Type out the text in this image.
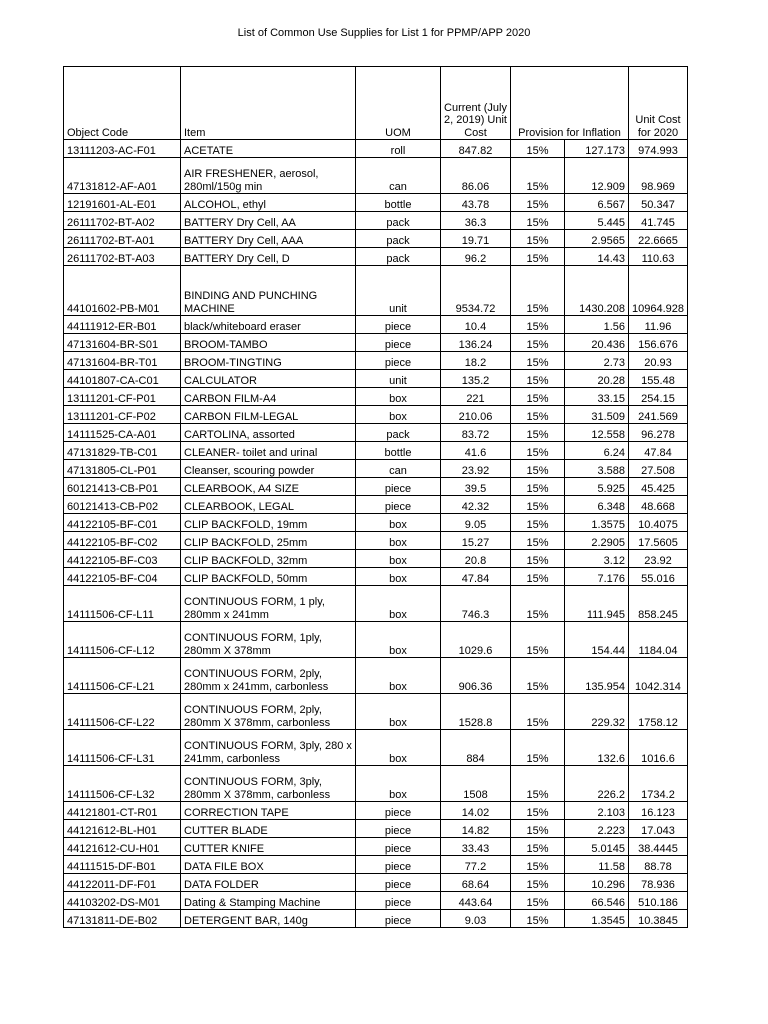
List of Common Use Supplies for List 1 for PPMP/APP 2020
Object Code	Item	UOM	Current (July 2, 2019) Unit Cost	Provision for Inflation		Unit Cost for 2020
13111203-AC-F01	ACETATE	roll	847.82	15%	127.173	974.993
47131812-AF-A01	AIR FRESHENER, aerosol, 280ml/150g min	can	86.06	15%	12.909	98.969
12191601-AL-E01	ALCOHOL, ethyl	bottle	43.78	15%	6.567	50.347
26111702-BT-A02	BATTERY Dry Cell, AA	pack	36.3	15%	5.445	41.745
26111702-BT-A01	BATTERY Dry Cell, AAA	pack	19.71	15%	2.9565	22.6665
26111702-BT-A03	BATTERY Dry Cell, D	pack	96.2	15%	14.43	110.63
44101602-PB-M01	BINDING AND PUNCHING MACHINE	unit	9534.72	15%	1430.208	10964.928
44111912-ER-B01	black/whiteboard eraser	piece	10.4	15%	1.56	11.96
47131604-BR-S01	BROOM-TAMBO	piece	136.24	15%	20.436	156.676
47131604-BR-T01	BROOM-TINGTING	piece	18.2	15%	2.73	20.93
44101807-CA-C01	CALCULATOR	unit	135.2	15%	20.28	155.48
13111201-CF-P01	CARBON FILM-A4	box	221	15%	33.15	254.15
13111201-CF-P02	CARBON FILM-LEGAL	box	210.06	15%	31.509	241.569
14111525-CA-A01	CARTOLINA, assorted	pack	83.72	15%	12.558	96.278
47131829-TB-C01	CLEANER- toilet and urinal	bottle	41.6	15%	6.24	47.84
47131805-CL-P01	Cleanser, scouring powder	can	23.92	15%	3.588	27.508
60121413-CB-P01	CLEARBOOK, A4 SIZE	piece	39.5	15%	5.925	45.425
60121413-CB-P02	CLEARBOOK, LEGAL	piece	42.32	15%	6.348	48.668
44122105-BF-C01	CLIP BACKFOLD, 19mm	box	9.05	15%	1.3575	10.4075
44122105-BF-C02	CLIP BACKFOLD, 25mm	box	15.27	15%	2.2905	17.5605
44122105-BF-C03	CLIP BACKFOLD, 32mm	box	20.8	15%	3.12	23.92
44122105-BF-C04	CLIP BACKFOLD, 50mm	box	47.84	15%	7.176	55.016
14111506-CF-L11	CONTINUOUS FORM, 1 ply, 280mm x 241mm	box	746.3	15%	111.945	858.245
14111506-CF-L12	CONTINUOUS FORM, 1ply, 280mm X 378mm	box	1029.6	15%	154.44	1184.04
14111506-CF-L21	CONTINUOUS FORM, 2ply, 280mm x 241mm, carbonless	box	906.36	15%	135.954	1042.314
14111506-CF-L22	CONTINUOUS FORM, 2ply, 280mm X 378mm, carbonless	box	1528.8	15%	229.32	1758.12
14111506-CF-L31	CONTINUOUS FORM, 3ply, 280 x 241mm, carbonless	box	884	15%	132.6	1016.6
14111506-CF-L32	CONTINUOUS FORM, 3ply, 280mm X 378mm, carbonless	box	1508	15%	226.2	1734.2
44121801-CT-R01	CORRECTION TAPE	piece	14.02	15%	2.103	16.123
44121612-BL-H01	CUTTER BLADE	piece	14.82	15%	2.223	17.043
44121612-CU-H01	CUTTER KNIFE	piece	33.43	15%	5.0145	38.4445
44111515-DF-B01	DATA FILE BOX	piece	77.2	15%	11.58	88.78
44122011-DF-F01	DATA FOLDER	piece	68.64	15%	10.296	78.936
44103202-DS-M01	Dating & Stamping Machine	piece	443.64	15%	66.546	510.186
47131811-DE-B02	DETERGENT BAR, 140g	piece	9.03	15%	1.3545	10.3845
